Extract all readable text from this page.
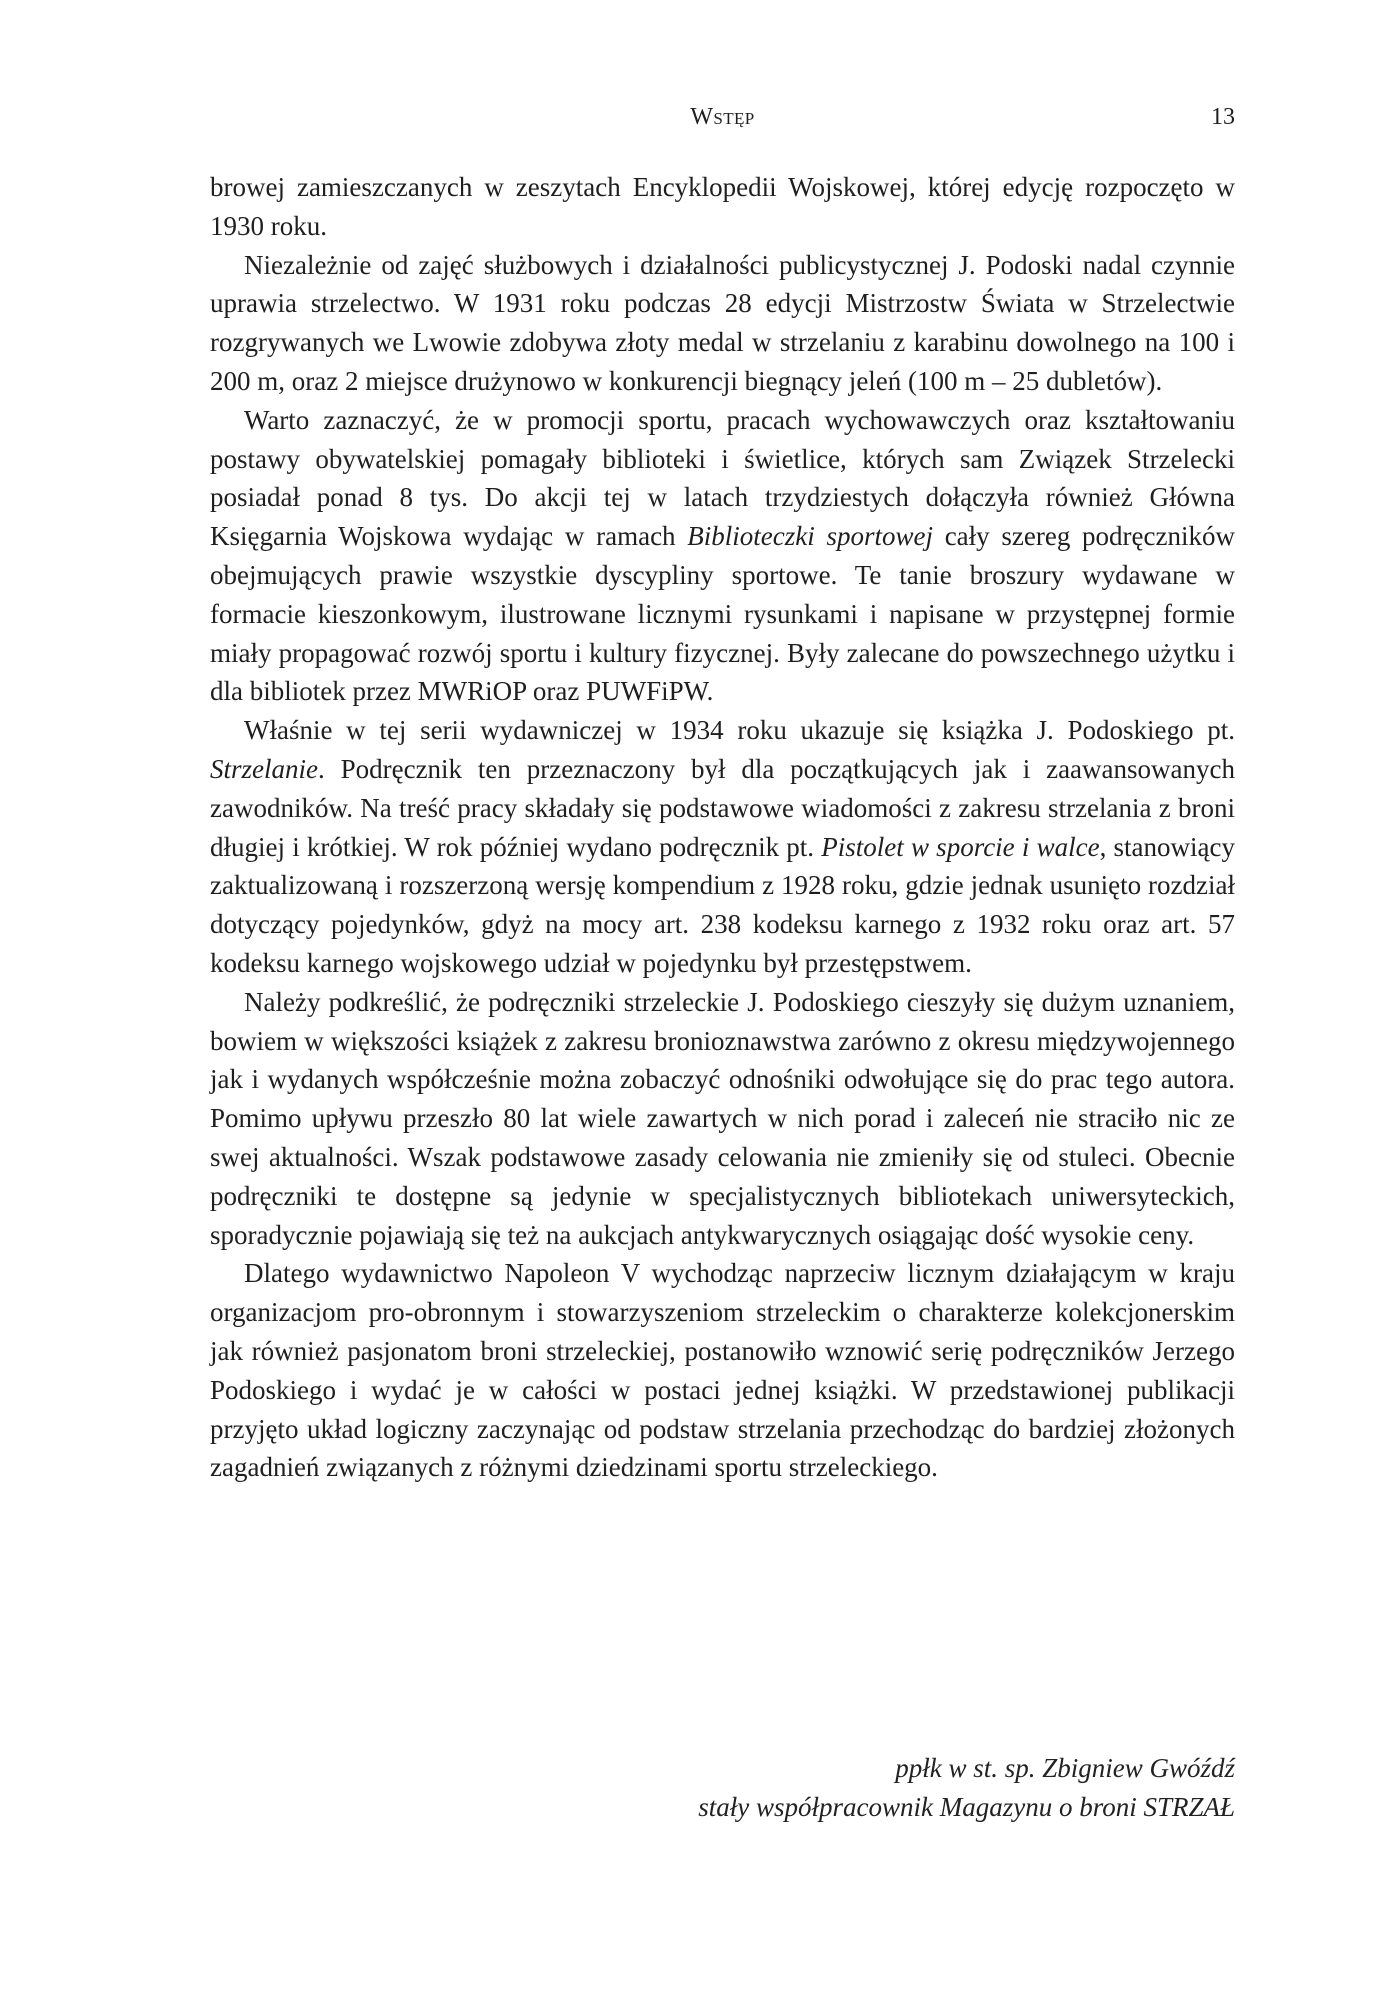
Wstęp	13

browej zamieszczanych w zeszytach Encyklopedii Wojskowej, której edycję rozpoczęto w 1930 roku.

Niezależnie od zajęć służbowych i działalności publicystycznej J. Podoski nadal czynnie uprawia strzelectwo. W 1931 roku podczas 28 edycji Mistrzostw Świata w Strzelectwie rozgrywanych we Lwowie zdobywa złoty medal w strzelaniu z karabinu dowolnego na 100 i 200 m, oraz 2 miejsce drużynowo w konkurencji biegnący jeleń (100 m – 25 dubletów).

Warto zaznaczyć, że w promocji sportu, pracach wychowawczych oraz kształtowaniu postawy obywatelskiej pomagały biblioteki i świetlice, których sam Związek Strzelecki posiadał ponad 8 tys. Do akcji tej w latach trzydziestych dołączyła również Główna Księgarnia Wojskowa wydając w ramach Biblioteczki sportowej cały szereg podręczników obejmujących prawie wszystkie dyscypliny sportowe. Te tanie broszury wydawane w formacie kieszonkowym, ilustrowane licznymi rysunkami i napisane w przystępnej formie miały propagować rozwój sportu i kultury fizycznej. Były zalecane do powszechnego użytku i dla bibliotek przez MWRiOP oraz PUWFiPW.

Właśnie w tej serii wydawniczej w 1934 roku ukazuje się książka J. Podoskiego pt. Strzelanie. Podręcznik ten przeznaczony był dla początkujących jak i zaawansowanych zawodników. Na treść pracy składały się podstawowe wiadomości z zakresu strzelania z broni długiej i krótkiej. W rok później wydano podręcznik pt. Pistolet w sporcie i walce, stanowiący zaktualizowaną i rozszerzoną wersję kompendium z 1928 roku, gdzie jednak usunięto rozdział dotyczący pojedynków, gdyż na mocy art. 238 kodeksu karnego z 1932 roku oraz art. 57 kodeksu karnego wojskowego udział w pojedynku był przestępstwem.

Należy podkreślić, że podręczniki strzeleckie J. Podoskiego cieszyły się dużym uznaniem, bowiem w większości książek z zakresu bronioznawstwa zarówno z okresu międzywojennego jak i wydanych współcześnie można zobaczyć odnośniki odwołujące się do prac tego autora. Pomimo upływu przeszło 80 lat wiele zawartych w nich porad i zaleceń nie straciło nic ze swej aktualności. Wszak podstawowe zasady celowania nie zmieniły się od stuleci. Obecnie podręczniki te dostępne są jedynie w specjalistycznych bibliotekach uniwersyteckich, sporadycznie pojawiają się też na aukcjach antykwarycznych osiągając dość wysokie ceny.

Dlatego wydawnictwo Napoleon V wychodząc naprzeciw licznym działającym w kraju organizacjom pro-obronnym i stowarzyszeniom strzeleckim o charakterze kolekcjonerskim jak również pasjonatom broni strzeleckiej, postanowiło wznowić serię podręczników Jerzego Podoskiego i wydać je w całości w postaci jednej książki. W przedstawionej publikacji przyjęto układ logiczny zaczynając od podstaw strzelania przechodząc do bardziej złożonych zagadnień związanych z różnymi dziedzinami sportu strzeleckiego.

ppłk w st. sp. Zbigniew Gwóźdź
stały współpracownik Magazynu o broni STRZAŁ
